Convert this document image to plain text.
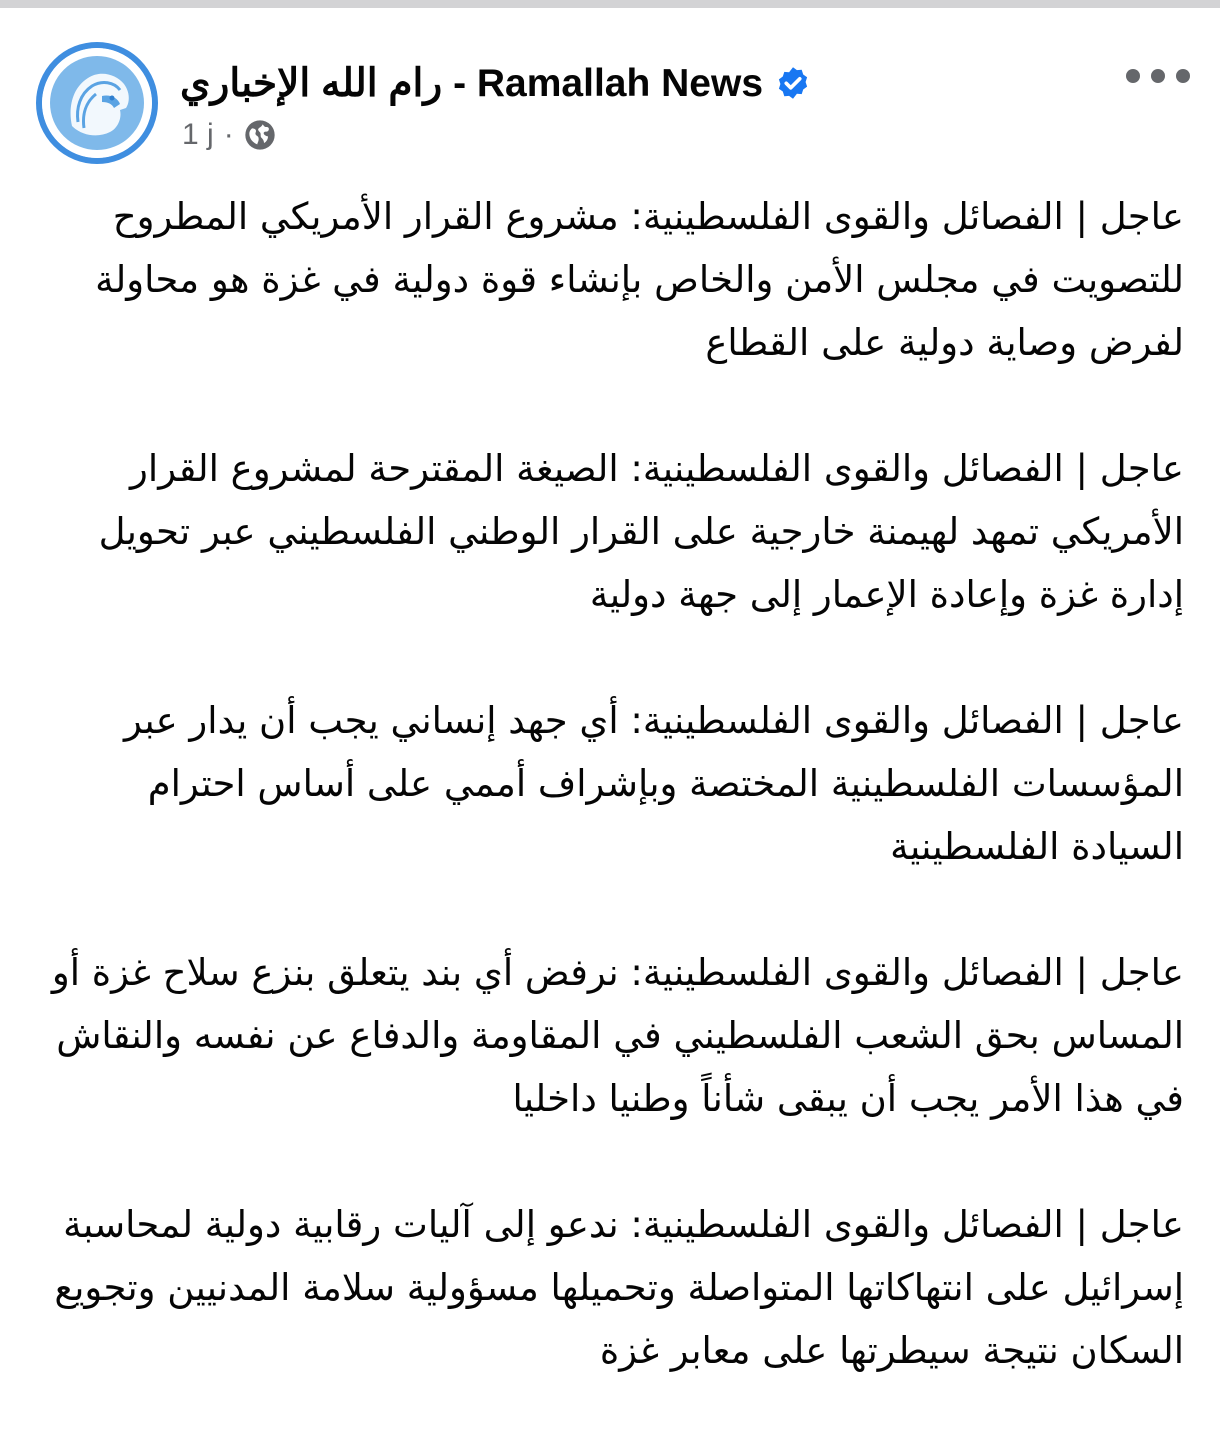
رام الله الإخباري - Ramallah News
1 j ·

عاجل | الفصائل والقوى الفلسطينية: مشروع القرار الأمريكي المطروح للتصويت في مجلس الأمن والخاص بإنشاء قوة دولية في غزة هو محاولة لفرض وصاية دولية على القطاع

عاجل | الفصائل والقوى الفلسطينية: الصيغة المقترحة لمشروع القرار الأمريكي تمهد لهيمنة خارجية على القرار الوطني الفلسطيني عبر تحويل إدارة غزة وإعادة الإعمار إلى جهة دولية

عاجل | الفصائل والقوى الفلسطينية: أي جهد إنساني يجب أن يدار عبر المؤسسات الفلسطينية المختصة وبإشراف أممي على أساس احترام السيادة الفلسطينية

عاجل | الفصائل والقوى الفلسطينية: نرفض أي بند يتعلق بنزع سلاح غزة أو المساس بحق الشعب الفلسطيني في المقاومة والدفاع عن نفسه والنقاش في هذا الأمر يجب أن يبقى شأناً وطنيا داخليا

عاجل | الفصائل والقوى الفلسطينية: ندعو إلى آليات رقابية دولية لمحاسبة إسرائيل على انتهاكاتها المتواصلة وتحميلها مسؤولية سلامة المدنيين وتجويع السكان نتيجة سيطرتها على معابر غزة
